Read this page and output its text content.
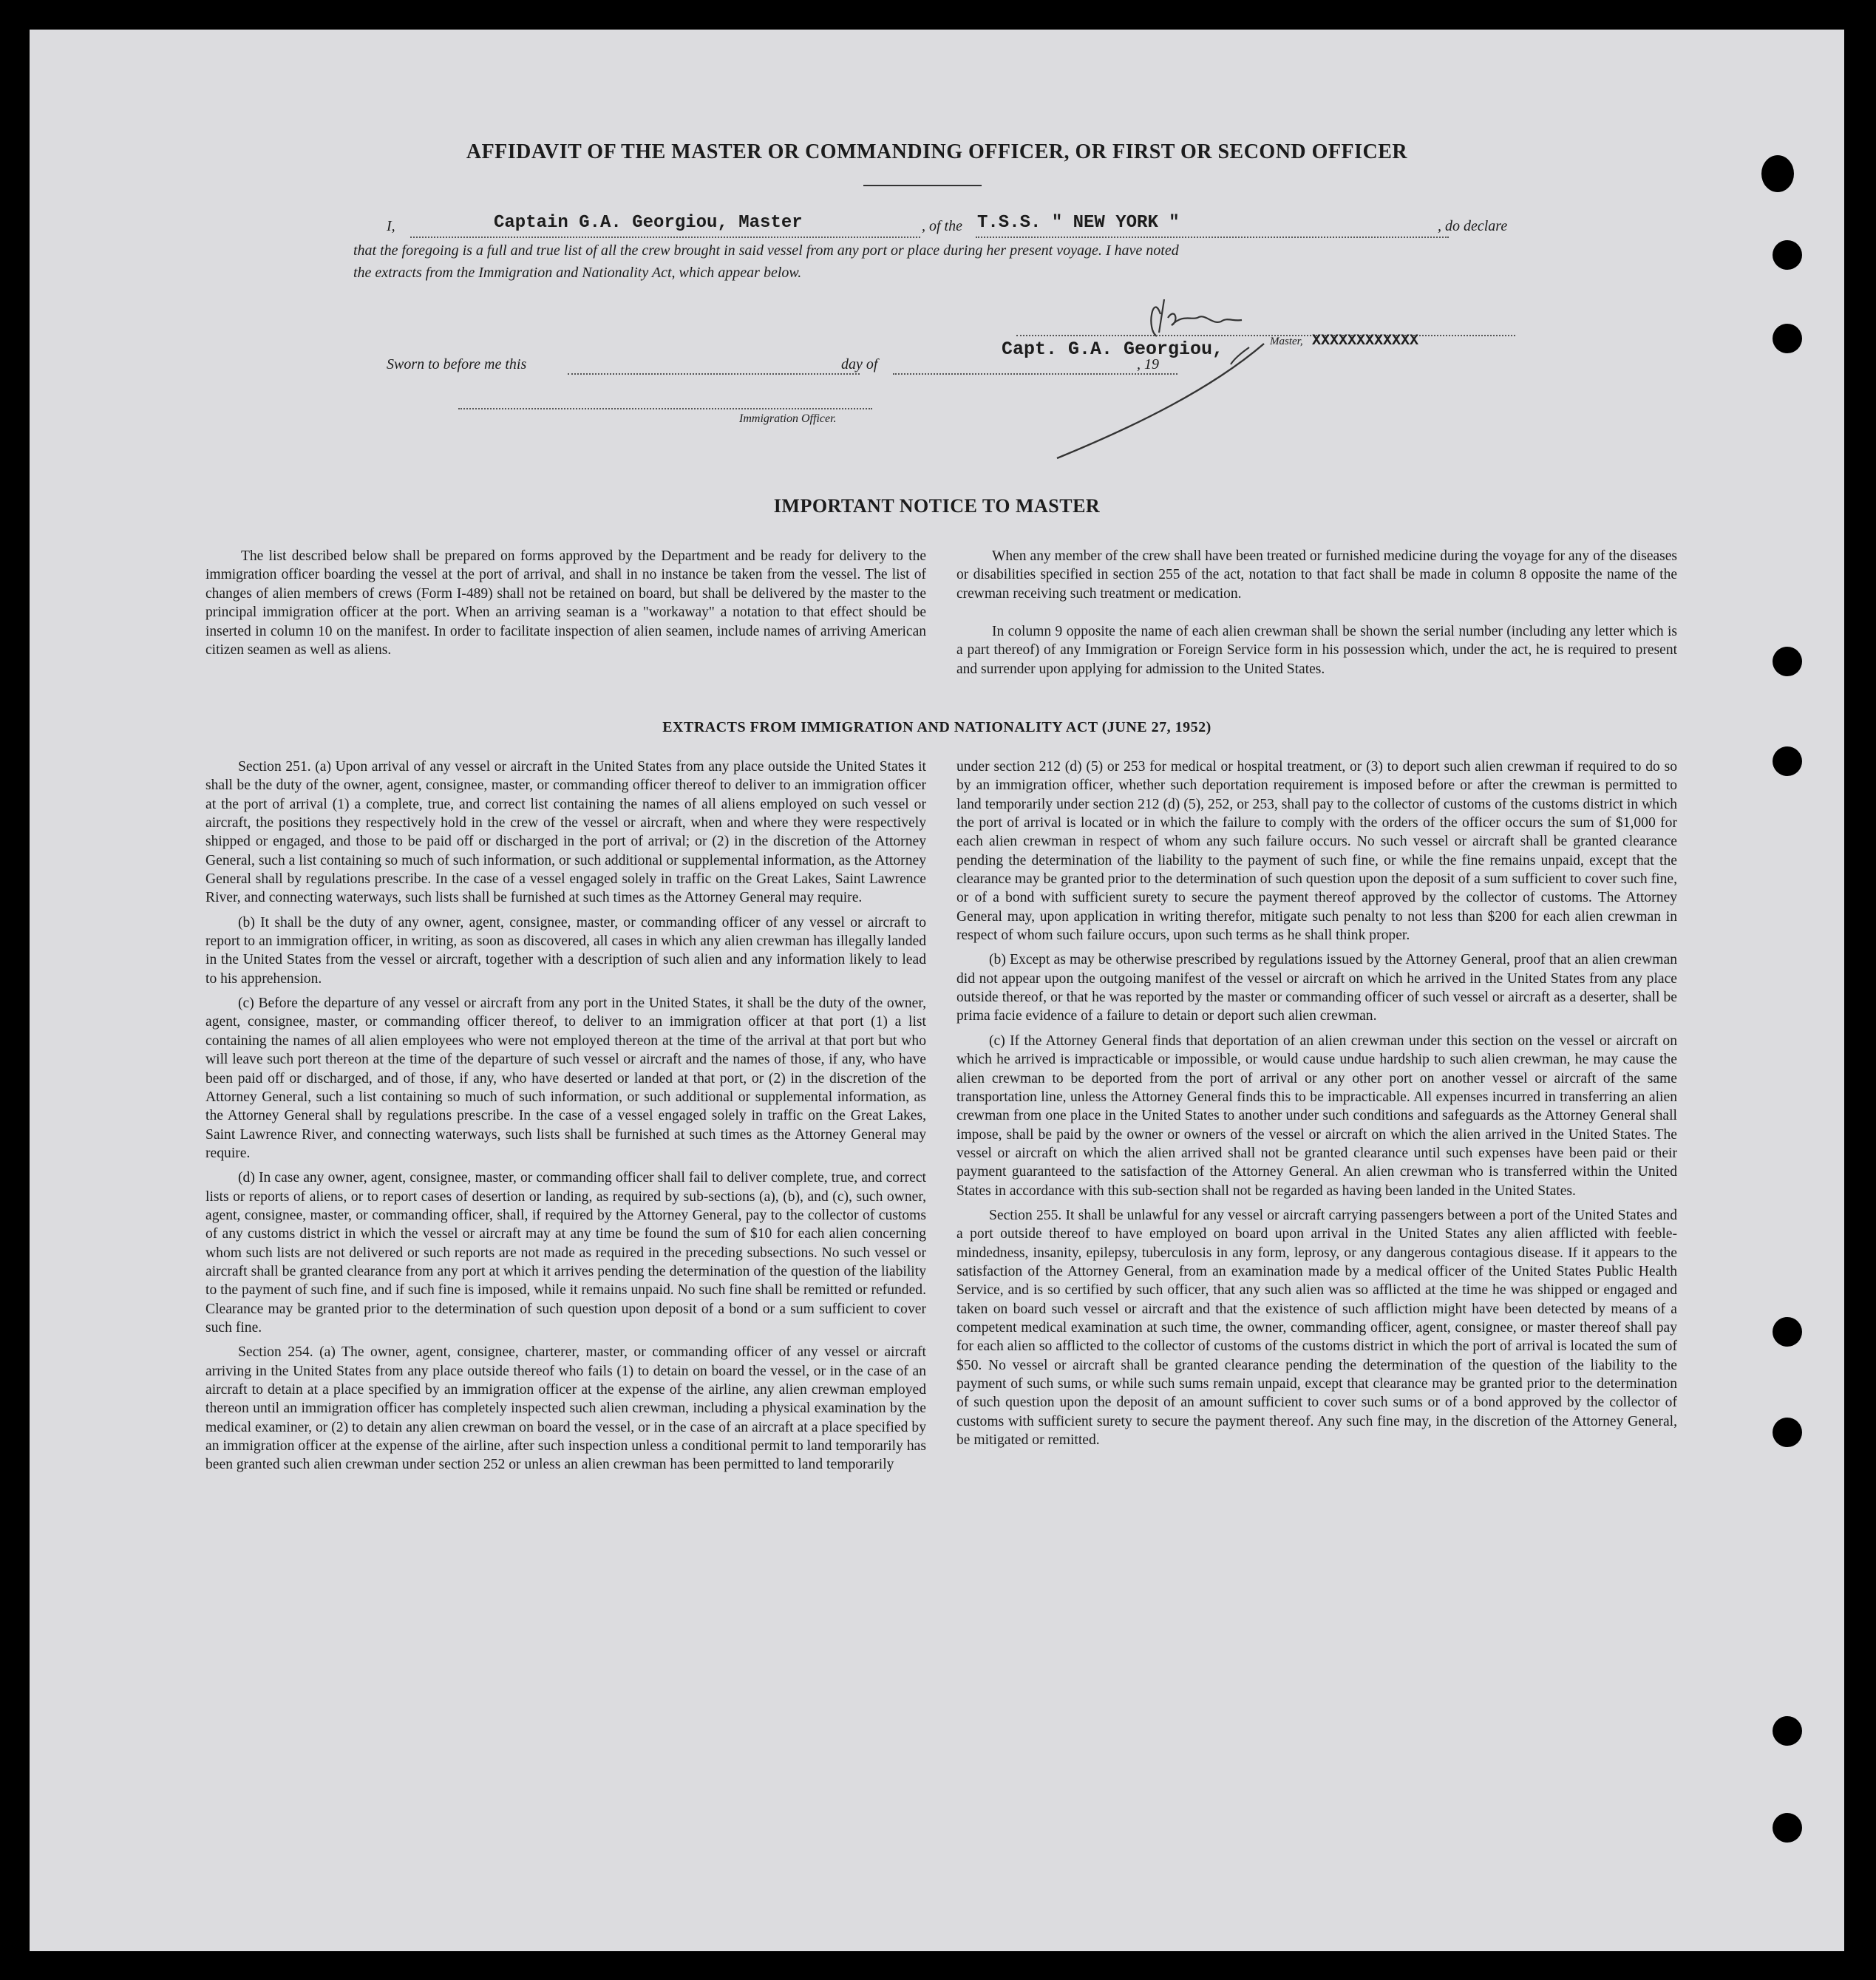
AFFIDAVIT OF THE MASTER OR COMMANDING OFFICER, OR FIRST OR SECOND OFFICER
I,	Captain G.A. Georgiou, Master	, of the T.S.S. " NEW YORK "	, do declare
that the foregoing is a full and true list of all the crew brought in said vessel from any port or place during her present voyage. I have noted
the extracts from the Immigration and Nationality Act, which appear below.
Capt. G.A. Georgiou,	Master, XXXXXXXXXXXX
Sworn to before me this	day of	, 19
Immigration Officer.
IMPORTANT NOTICE TO MASTER

The list described below shall be prepared on forms approved by the Department and be ready for delivery to the immigration officer boarding the vessel at the port of arrival, and shall in no instance be taken from the vessel. The list of changes of alien members of crews (Form I-489) shall not be retained on board, but shall be delivered by the master to the principal immigration officer at the port. When an arriving seaman is a "workaway" a notation to that effect should be inserted in column 10 on the manifest. In order to facilitate inspection of alien seamen, include names of arriving American citizen seamen as well as aliens.

When any member of the crew shall have been treated or furnished medicine during the voyage for any of the diseases or disabilities specified in section 255 of the act, notation to that fact shall be made in column 8 opposite the name of the crewman receiving such treatment or medication.

In column 9 opposite the name of each alien crewman shall be shown the serial number (including any letter which is a part thereof) of any Immigration or Foreign Service form in his possession which, under the act, he is required to present and surrender upon applying for admission to the United States.

EXTRACTS FROM IMMIGRATION AND NATIONALITY ACT (JUNE 27, 1952)

Section 251. (a) Upon arrival of any vessel or aircraft in the United States from any place outside the United States it shall be the duty of the owner, agent, consignee, master, or commanding officer thereof to deliver to an immigration officer at the port of arrival (1) a complete, true, and correct list containing the names of all aliens employed on such vessel or aircraft, the positions they respectively hold in the crew of the vessel or aircraft, when and where they were respectively shipped or engaged, and those to be paid off or discharged in the port of arrival; or (2) in the discretion of the Attorney General, such a list containing so much of such information, or such additional or supplemental information, as the Attorney General shall by regulations prescribe. In the case of a vessel engaged solely in traffic on the Great Lakes, Saint Lawrence River, and connecting waterways, such lists shall be furnished at such times as the Attorney General may require.

(b) It shall be the duty of any owner, agent, consignee, master, or commanding officer of any vessel or aircraft to report to an immigration officer, in writing, as soon as discovered, all cases in which any alien crewman has illegally landed in the United States from the vessel or aircraft, together with a description of such alien and any information likely to lead to his apprehension.

(c) Before the departure of any vessel or aircraft from any port in the United States, it shall be the duty of the owner, agent, consignee, master, or commanding officer thereof, to deliver to an immigration officer at that port (1) a list containing the names of all alien employees who were not employed thereon at the time of the arrival at that port but who will leave such port thereon at the time of the departure of such vessel or aircraft and the names of those, if any, who have been paid off or discharged, and of those, if any, who have deserted or landed at that port, or (2) in the discretion of the Attorney General, such a list containing so much of such information, or such additional or supplemental information, as the Attorney General shall by regulations prescribe. In the case of a vessel engaged solely in traffic on the Great Lakes, Saint Lawrence River, and connecting waterways, such lists shall be furnished at such times as the Attorney General may require.

(d) In case any owner, agent, consignee, master, or commanding officer shall fail to deliver complete, true, and correct lists or reports of aliens, or to report cases of desertion or landing, as required by sub-sections (a), (b), and (c), such owner, agent, consignee, master, or commanding officer, shall, if required by the Attorney General, pay to the collector of customs of any customs district in which the vessel or aircraft may at any time be found the sum of $10 for each alien concerning whom such lists are not delivered or such reports are not made as required in the preceding subsections. No such vessel or aircraft shall be granted clearance from any port at which it arrives pending the determination of the question of the liability to the payment of such fine, and if such fine is imposed, while it remains unpaid. No such fine shall be remitted or refunded. Clearance may be granted prior to the determination of such question upon deposit of a bond or a sum sufficient to cover such fine.

Section 254. (a) The owner, agent, consignee, charterer, master, or commanding officer of any vessel or aircraft arriving in the United States from any place outside thereof who fails (1) to detain on board the vessel, or in the case of an aircraft to detain at a place specified by an immigration officer at the expense of the airline, any alien crewman employed thereon until an immigration officer has completely inspected such alien crewman, including a physical examination by the medical examiner, or (2) to detain any alien crewman on board the vessel, or in the case of an aircraft at a place specified by an immigration officer at the expense of the airline, after such inspection unless a conditional permit to land temporarily has been granted such alien crewman under section 252 or unless an alien crewman has been permitted to land temporarily

under section 212 (d) (5) or 253 for medical or hospital treatment, or (3) to deport such alien crewman if required to do so by an immigration officer, whether such deportation requirement is imposed before or after the crewman is permitted to land temporarily under section 212 (d) (5), 252, or 253, shall pay to the collector of customs of the customs district in which the port of arrival is located or in which the failure to comply with the orders of the officer occurs the sum of $1,000 for each alien crewman in respect of whom any such failure occurs. No such vessel or aircraft shall be granted clearance pending the determination of the liability to the payment of such fine, or while the fine remains unpaid, except that the clearance may be granted prior to the determination of such question upon the deposit of a sum sufficient to cover such fine, or of a bond with sufficient surety to secure the payment thereof approved by the collector of customs. The Attorney General may, upon application in writing therefor, mitigate such penalty to not less than $200 for each alien crewman in respect of whom such failure occurs, upon such terms as he shall think proper.

(b) Except as may be otherwise prescribed by regulations issued by the Attorney General, proof that an alien crewman did not appear upon the outgoing manifest of the vessel or aircraft on which he arrived in the United States from any place outside thereof, or that he was reported by the master or commanding officer of such vessel or aircraft as a deserter, shall be prima facie evidence of a failure to detain or deport such alien crewman.

(c) If the Attorney General finds that deportation of an alien crewman under this section on the vessel or aircraft on which he arrived is impracticable or impossible, or would cause undue hardship to such alien crewman, he may cause the alien crewman to be deported from the port of arrival or any other port on another vessel or aircraft of the same transportation line, unless the Attorney General finds this to be impracticable. All expenses incurred in transferring an alien crewman from one place in the United States to another under such conditions and safeguards as the Attorney General shall impose, shall be paid by the owner or owners of the vessel or aircraft on which the alien arrived in the United States. The vessel or aircraft on which the alien arrived shall not be granted clearance until such expenses have been paid or their payment guaranteed to the satisfaction of the Attorney General. An alien crewman who is transferred within the United States in accordance with this sub-section shall not be regarded as having been landed in the United States.

Section 255. It shall be unlawful for any vessel or aircraft carrying passengers between a port of the United States and a port outside thereof to have employed on board upon arrival in the United States any alien afflicted with feeble-mindedness, insanity, epilepsy, tuberculosis in any form, leprosy, or any dangerous contagious disease. If it appears to the satisfaction of the Attorney General, from an examination made by a medical officer of the United States Public Health Service, and is so certified by such officer, that any such alien was so afflicted at the time he was shipped or engaged and taken on board such vessel or aircraft and that the existence of such affliction might have been detected by means of a competent medical examination at such time, the owner, commanding officer, agent, consignee, or master thereof shall pay for each alien so afflicted to the collector of customs of the customs district in which the port of arrival is located the sum of $50. No vessel or aircraft shall be granted clearance pending the determination of the question of the liability to the payment of such sums, or while such sums remain unpaid, except that clearance may be granted prior to the determination of such question upon the deposit of an amount sufficient to cover such sums or of a bond approved by the collector of customs with sufficient surety to secure the payment thereof. Any such fine may, in the discretion of the Attorney General, be mitigated or remitted.
